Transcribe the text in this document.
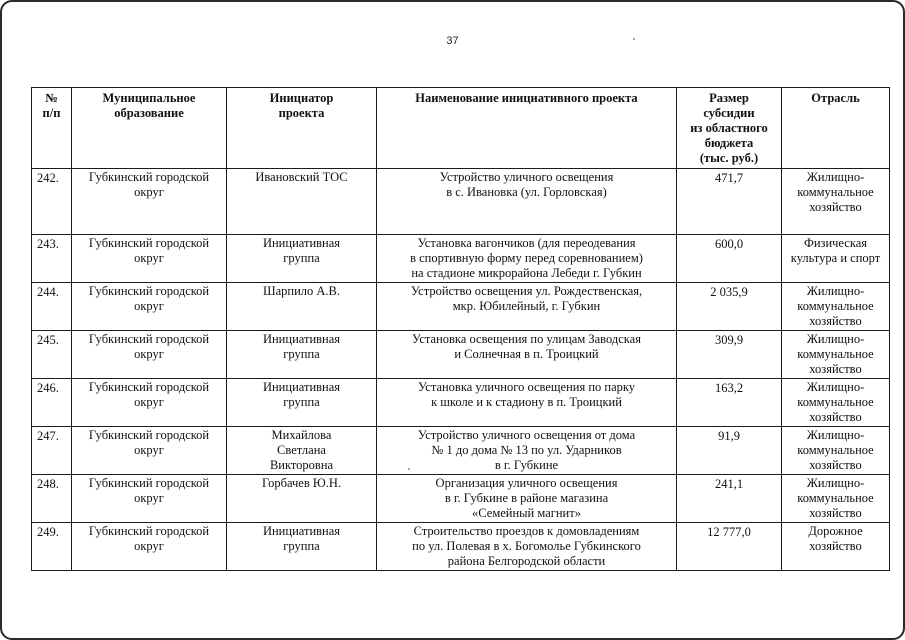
37
№
п/п	Муниципальное
образование	Инициатор
проекта	Наименование инициативного проекта	Размер
субсидии
из областного
бюджета
(тыс. руб.)	Отрасль

242.	Губкинский городской
округ	Ивановский ТОС	Устройство уличного освещения
в с. Ивановка (ул. Горловская)	471,7	Жилищно-
коммунальное
хозяйство

243.	Губкинский городской
округ	Инициативная
группа	Установка вагончиков (для переодевания
в спортивную форму перед соревнованием)
на стадионе микрорайона Лебеди г. Губкин	600,0	Физическая
культура и спорт

244.	Губкинский городской
округ	Шарпило А.В.	Устройство освещения ул. Рождественская,
мкр. Юбилейный, г. Губкин	2 035,9	Жилищно-
коммунальное
хозяйство

245.	Губкинский городской
округ	Инициативная
группа	Установка освещения по улицам Заводская
и Солнечная в п. Троицкий	309,9	Жилищно-
коммунальное
хозяйство

246.	Губкинский городской
округ	Инициативная
группа	Установка уличного освещения по парку
к школе и к стадиону в п. Троицкий	163,2	Жилищно-
коммунальное
хозяйство

247.	Губкинский городской
округ	Михайлова
Светлана
Викторовна	Устройство уличного освещения от дома
№ 1 до дома № 13 по ул. Ударников
в г. Губкине	91,9	Жилищно-
коммунальное
хозяйство

248.	Губкинский городской
округ	Горбачев Ю.Н.	Организация уличного освещения
в г. Губкине в районе магазина
«Семейный магнит»	241,1	Жилищно-
коммунальное
хозяйство

249.	Губкинский городской
округ	Инициативная
группа	Строительство проездов к домовладениям
по ул. Полевая в х. Богомолье Губкинского
района Белгородской области	12 777,0	Дорожное хозяйство
